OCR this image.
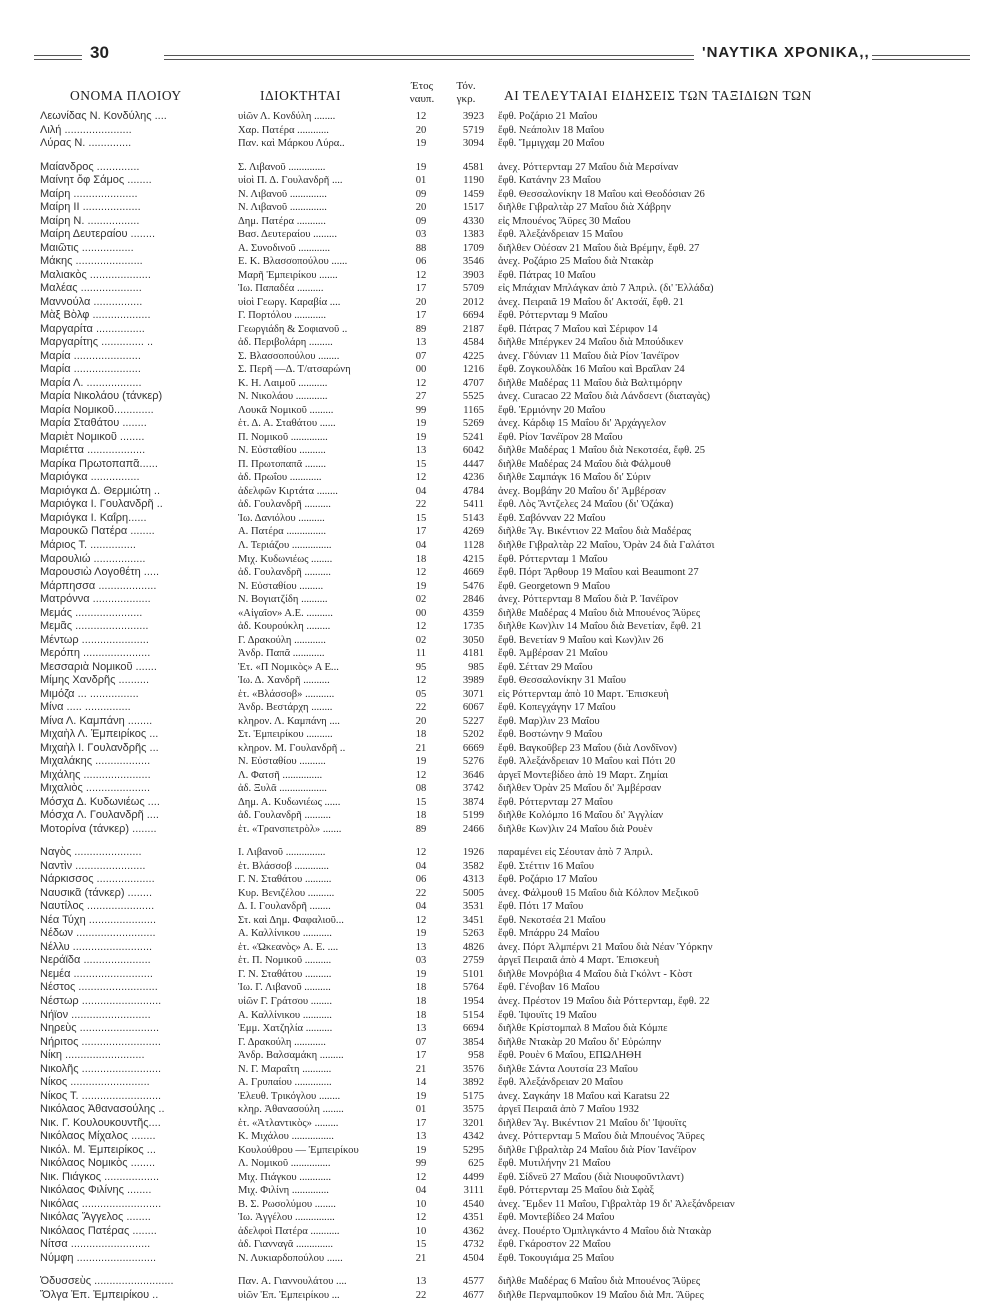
30	'ΝΑΥΤΙΚΑ ΧΡΟΝΙΚΑ,,
ΟΝΟΜΑ ΠΛΟΙΟΥ	ΙΔΙΟΚΤΗΤΑΙ
Έτος
ναυπ.
Τόν.
γκρ.	ΑΙ ΤΕΛΕΥΤΑΙΑΙ ΕΙΔΗΣΕΙΣ ΤΩΝ ΤΑΞΙΔΙΩΝ ΤΩΝ
Λεωνίδας Ν. Κονδύλης ....	υἱῶν Λ. Κονδύλη ........	12	3923 ἔφθ. Ροζάριο 21 Μαΐου
Λιλή ......................	Χαρ. Πατέρα ............	20	5719 ἔφθ. Νεάπολιν 18 Μαΐου
Λύρας Ν. ..............	Παν. καὶ Μάρκου Λύρα..	19	3094 ἔφθ. Ἴμμιγχαμ 20 Μαΐου
Μαίανδρος ..............	Σ. Λιβανοῦ ..............	19	4581 ἀνεχ. Ρόττερνταμ 27 Μαΐου διὰ Μερσίναν
Μαίνητ ὄφ Σάμος ........	υἱοὶ Π. Δ. Γουλανδρῆ ....	01	1190 ἔφθ. Κατάνην 23 Μαΐου
Μαίρη .....................	Ν. Λιβανοῦ ..............	09	1459 ἔφθ. Θεσσαλονίκην 18 Μαΐου καὶ Θεοδόσιαν 26
Μαίρη ΙΙ ...................	Ν. Λιβανοῦ ..............	20	1517 διῆλθε Γιβραλτὰρ 27 Μαΐου διὰ Χάβρην
Μαίρη Ν. .................	Δημ. Πατέρα ...........	09	4330 εἰς Μπουένος Ἄϋρες 30 Μαΐου
Μαίρη Δευτεραίου ........	Βασ. Δευτεραίου .........	03	1383 ἔφθ. Ἀλεξάνδρειαν 15 Μαΐου
Μαιῶτις .................	Α. Συνοδινοῦ ............	88	1709 διῆλθεν Οὐέσαν 21 Μαΐου διὰ Βρέμην, ἔφθ. 27
Μάκης ......................	Ε. Κ. Βλασσοπούλου ......	06	3546 ἀνεχ. Ροζάριο 25 Μαΐου διὰ Ντακὰρ
Μαλιακὸς ....................	Μαρῆ Ἐμπειρίκου .......	12	3903 ἔφθ. Πάτρας 10 Μαΐου
Μαλέας ....................	Ἰω. Παπαδέα ..........	17	5709 εἰς Μπάχιαν Μπλάγκαν ἀπὸ 7 Ἀπριλ. (δι' Ἑλλάδα)
Μαννούλα ................	υἱοὶ Γεωργ. Καραβία ....	20	2012 ἀνεχ. Πειραιᾶ 19 Μαΐου δι' Ακτσάϊ, ἔφθ. 21
Μὰξ Βὸλφ ...................	Γ. Πορτόλου ............	17	6694 ἔφθ. Ρόττερνταμ 9 Μαΐου
Μαργαρίτα ................	Γεωργιάδη & Σοφιανοῦ ..	89	2187 ἔφθ. Πάτρας 7 Μαΐου καὶ Σέριφον 14
Μαργαρίτης .............. ..	ἀδ. Περιβολάρη .........	13	4584 διῆλθε Μπέργκεν 24 Μαΐου διὰ Μπούδικεν
Μαρία ......................	Σ. Βλασσοπούλου ........	07	4225 ἀνεχ. Γδύνιαν 11 Μαΐου διὰ Ρίον Ἰανέϊρον
Μαρία ......................	Σ. Περῆ —Δ. Τ/ατσαρώνη	00	1216 ἔφθ. Ζογκουλδὰκ 16 Μαΐου καὶ Βραΐλαν 24
Μαρία Λ. ..................	Κ. Η. Λαιμοῦ ...........	12	4707 διῆλθε Μαδέρας 11 Μαΐου διὰ Βαλτιμόρην
Μαρία Νικολάου (τάνκερ)	Ν. Νικολάου ............	27	5525 ἀνεχ. Curacao 22 Μαΐου διὰ Λάνδσεντ (διαταγὰς)
Μαρία Νομικοῦ.............	Λουκᾶ Νομικοῦ .........	99	1165 ἔφθ. Ἐρμιόνην 20 Μαΐου
Μαρία Σταθάτου ........	ἑτ. Δ. Α. Σταθάτου ......	19	5269 ἀνεχ. Κάρδιφ 15 Μαΐου δι' Ἀρχάγγελον
Μαριὲτ Νομικοῦ ........	Π. Νομικοῦ ..............	19	5241 ἔφθ. Ρίον Ἰανέϊρον 28 Μαΐου
Μαριέττα ...................	Ν. Εὐσταθίου ..........	13	6042 διῆλθε Μαδέρας 1 Μαΐου διὰ Νεκοτσέα, ἔφθ. 25
Μαρίκα Πρωτοπαπᾶ......	Π. Πρωτοπαπᾶ ........	15	4447 διῆλθε Μαδέρας 24 Μαΐου διὰ Φάλμουθ
Μαριόγκα ................	ἀδ. Πρωΐου ............	12	4236 διῆλθε Σαμπάγκ 16 Μαΐου δι' Σύριν
Μαριόγκα Δ. Θερμιώτη ..	ἀδελφῶν Κιρτάτα ........	04	4784 ἀνεχ. Βομβάην 20 Μαΐου δι' Ἀμβέρσαν
Μαριόγκα Ι. Γουλανδρῆ ..	ἀδ. Γουλανδρῆ ..........	22	5411 ἔφθ. Λὸς Ἄντζελες 24 Μαΐου (δι' Ὀζάκα)
Μαριόγκα Ι. Καΐρη......	Ἰω. Δανιόλου ..........	15	5143 ἔφθ. Σαβόνναν 22 Μαΐου
Μαρουκῶ Πατέρα ........	Α. Πατέρα ...............	17	4269 διῆλθε Ἅγ. Βικέντιον 22 Μαΐου διὰ Μαδέρας
Μάριος Τ. ...............	Λ. Τεριάζου ...............	04	1128 διῆλθε Γιβραλτὰρ 22 Μαΐου, Ὀρὰν 24 διὰ Γαλάτσι
Μαρουλιώ .................	Μιχ. Κυδωνιέως ........	18	4215 ἔφθ. Ρόττερνταμ 1 Μαΐου
Μαρουσιὼ Λογοθέτη .....	ἀδ. Γουλανδρῆ ..........	12	4669 ἔφθ. Πόρτ Ἄρθουρ 19 Μαΐου καὶ Beaumont 27
Μάρπησσα ...................	Ν. Εὐσταθίου .........	19	5476 ἔφθ. Georgetown 9 Μαΐου
Ματρόννα ...................	Ν. Βογιατζίδη ..........	02	2846 ἀνεχ. Ρόττερνταμ 8 Μαΐου διὰ Ρ. Ἰανέϊρον
Μεμάς ......................	«Αἰγαῖον» Α.Ε. ..........	00	4359 διῆλθε Μαδέρας 4 Μαΐου διὰ Μπουένος Ἄϋρες
Μεμᾶς ........................	ἀδ. Κουρούκλη .........	12	1735 διῆλθε Κων)λιν 14 Μαΐου διὰ Βενετίαν, ἔφθ. 21
Μέντωρ ......................	Γ. Δρακούλη ............	02	3050 ἔφθ. Βενετίαν 9 Μαΐου καὶ Κων)λιν 26
Μερόπη ......................	Ἀνδρ. Παπᾶ ............	11	4181 ἔφθ. Ἀμβέρσαν 21 Μαΐου
Μεσσαριὰ Νομικοῦ .......	Ἑτ. «Π Νομικὸς» Α Ε...	95	985 ἔφθ. Σέτταν 29 Μαΐου
Μίμης Χανδρῆς ..........	Ἰω. Δ. Χανδρῆ ..........	12	3989 ἔφθ. Θεσσαλονίκην 31 Μαΐου
Μιμόζα ... ................	ἑτ. «Βλάσσοβ» ...........	05	3071 εἰς Ρόττερνταμ ἀπὸ 10 Μαρτ. Ἐπισκευὴ
Μίνα ..... ...............	Ἀνδρ. Βεστάρχη ........	22	6067 ἔφθ. Κοπεγχάγην 17 Μαΐου
Μίνα Λ. Καμπάνη ........	κληρον. Λ. Καμπάνη ....	20	5227 ἔφθ. Μαρ)λιν 23 Μαΐου
Μιχαὴλ Λ. Ἐμπειρίκος ...	Στ. Ἐμπειρίκου ..........	18	5202 ἔφθ. Βοστώνην 9 Μαΐου
Μιχαὴλ Ι. Γουλανδρῆς ...	κληρον. Μ. Γουλανδρῆ ..	21	6669 ἔφθ. Βαγκοῦβερ 23 Μαΐου (διὰ Λονδῖνον)
Μιχαλάκης ..................	Ν. Εὐσταθίου ..........	19	5276 ἔφθ. Ἀλεξάνδρειαν 10 Μαΐου καὶ Πότι 20
Μιχάλης ......................	Λ. Φατσῆ ...............	12	3646 ἀργεῖ Μοντεβίδεο ἀπὸ 19 Μαρτ. Ζημίαι
Μιχαλιὸς .....................	ἀδ. Ξυλᾶ ..................	08	3742 διῆλθεν Ὀρὰν 25 Μαΐου δι' Ἀμβέρσαν
Μόσχα Δ. Κυδωνιέως ....	Δημ. Α. Κυδωνιέως ......	15	3874 ἔφθ. Ρόττερνταμ 27 Μαΐου
Μόσχα Λ. Γουλανδρῆ ....	ἀδ. Γουλανδρῆ ..........	18	5199 διῆλθε Κολόμπο 16 Μαΐου δι' Ἀγγλίαν
Μοτορίνα (τάνκερ) ........	ἑτ. «Τρανσπετρὸλ» .......	89	2466 διῆλθε Κων)λιν 24 Μαΐου διὰ Ρουὲν
Ναγὸς ......................	Ι. Λιβανοῦ ...............	12	1926 παραμένει εἰς Σέουταν ἀπὸ 7 Ἀπριλ.
Ναντὶν .......................	ἑτ. Βλάσσοβ .............	04	3582 ἔφθ. Στέττιν 16 Μαΐου
Νάρκισσος ...................	Γ. Ν. Σταθάτου ..........	06	4313 ἔφθ. Ροζάριο 17 Μαΐου
Ναυσικᾶ (τάνκερ) ........	Κυρ. Βενιζέλου ..........	22	5005 ἀνεχ. Φάλμουθ 15 Μαΐου διὰ Κόλπον Μεξικοῦ
Ναυτίλος ......................	Δ. Ι. Γουλανδρῆ ........	04	3531 ἔφθ. Πότι 17 Μαΐου
Νέα Τύχη ......................	Στ. καὶ Δημ. Φαφαλιοῦ...	12	3451 ἔφθ. Νεκοτσέα 21 Μαΐου
Νέδων ..........................	Α. Καλλίνικου ...........	19	5263 ἔφθ. Μπάρρυ 24 Μαΐου
Νέλλυ ..........................	ἑτ. «Ὠκεανὸς» Α. Ε. ....	13	4826 ἀνεχ. Πόρτ Ἀλμπέρνι 21 Μαΐου διὰ Νέαν Ὑόρκην
Νεράϊδα ......................	ἑτ. Π. Νομικοῦ ..........	03	2759 ἀργεῖ Πειραιᾶ ἀπὸ 4 Μαρτ. Ἐπισκευὴ
Νεμέα ..........................	Γ. Ν. Σταθάτου ..........	19	5101 διῆλθε Μονρόβια 4 Μαΐου διὰ Γκόλντ - Κὸστ
Νέστος ..........................	Ἰω. Γ. Λιβανοῦ ..........	18	5764 ἔφθ. Γένοβαν 16 Μαΐου
Νέστωρ ..........................	υἱῶν Γ. Γράτσου ........	18	1954 ἀνεχ. Πρέστον 19 Μαΐου διὰ Ρόττερνταμ, ἔφθ. 22
Νήϊον ..........................	Α. Καλλίνικου ...........	18	5154 ἔφθ. Ἰψουϊτς 19 Μαΐου
Νηρεὺς ..........................	Ἑμμ. Χατζηλία ..........	13	6694 διῆλθε Κρίστομπαλ 8 Μαΐου διὰ Κόμπε
Νήριτος ..........................	Γ. Δρακούλη ............	07	3854 διῆλθε Ντακὰρ 20 Μαΐου δι' Εὐρώπην
Νίκη ..........................	Ἀνδρ. Βαλσαμάκη .........	17	958 ἔφθ. Ρουὲν 6 Μαΐου, ΕΠΩΛΗΘΗ
Νικολῆς ..........................	Ν. Γ. Μαραΐτη ...........	21	3576 διῆλθε Σάντα Λουτσία 23 Μαΐου
Νίκος ..........................	Α. Γρυπαίου ..............	14	3892 ἔφθ. Ἀλεξάνδρειαν 20 Μαΐου
Νίκος Τ. ..........................	Ἐλευθ. Τρικόγλου ........	19	5175 ἀνεχ. Σαγκάην 18 Μαΐου καὶ Karatsu 22
Νικόλαος Ἀθανασούλης ..	κληρ. Ἀθανασούλη ........	01	3575 ἀργεῖ Πειραιᾶ ἀπὸ 7 Μαΐου 1932
Νικ. Γ. Κουλουκουντῆς....	ἑτ. «Ἀτλαντικὸς» .........	17	3201 διῆλθεν Ἅγ. Βικέντιον 21 Μαΐου δι' Ἰψουϊτς
Νικόλαος Μίχαλος ........	Κ. Μιχάλου ................	13	4342 ἀνεχ. Ρόττερνταμ 5 Μαΐου διὰ Μπουένος Ἄϋρες
Νικόλ. Μ. Ἐμπειρίκος ...	Κουλούθρου — Ἐμπειρίκου	19	5295 διῆλθε Γιβραλτὰρ 24 Μαΐου διὰ Ρίον Ἰανέϊρον
Νικόλαος Νομικὸς ........	Λ. Νομικοῦ ...............	99	625 ἔφθ. Μυτιλήνην 21 Μαΐου
Νικ. Πιάγκος ..................	Μιχ. Πιάγκου ............	12	4499 ἔφθ. Σίδνεϋ 27 Μαΐου (διὰ Νιουφοῦντλαντ)
Νικόλαος Φιλίνης ........	Μιχ. Φιλίνη ..............	04	3111 ἔφθ. Ρόττερνταμ 25 Μαΐου διὰ Σφὰξ
Νικόλας ..........................	Β. Σ. Ρωσολύμου ........	10	4540 ἀνεχ. Ἔμδεν 11 Μαΐου, Γιβραλτὰρ 19 δι' Ἀλεξάνδρειαν
Νικόλας Ἄγγελος ........	Ἰω. Ἀγγέλου ...............	12	4351 ἔφθ. Μοντεβίδεο 24 Μαΐου
Νικόλαος Πατέρας ........	ἀδελφοὶ Πατέρα ...........	10	4362 ἀνεχ. Πουέρτο Ὀμπλιγκάντο 4 Μαΐου διὰ Ντακὰρ
Νίτσα ..........................	ἀδ. Γιανναγᾶ ..............	15	4732 ἔφθ. Γκάροστον 22 Μαΐου
Νύμφη ..........................	Ν. Λυκιαρδοπούλου ......	21	4504 ἔφθ. Τοκουγιάμα 25 Μαΐου
Ὀδυσσεὺς ..........................	Παν. Α. Γιαννουλάτου ....	13	4577 διῆλθε Μαδέρας 6 Μαΐου διὰ Μπουένος Ἄϋρες
Ὄλγα Ἐπ. Ἐμπειρίκου ..	υἱῶν Ἐπ. Ἐμπειρίκου ...	22	4677 διῆλθε Περναμποῦκον 19 Μαΐου διὰ Μπ. Ἄϋρες
